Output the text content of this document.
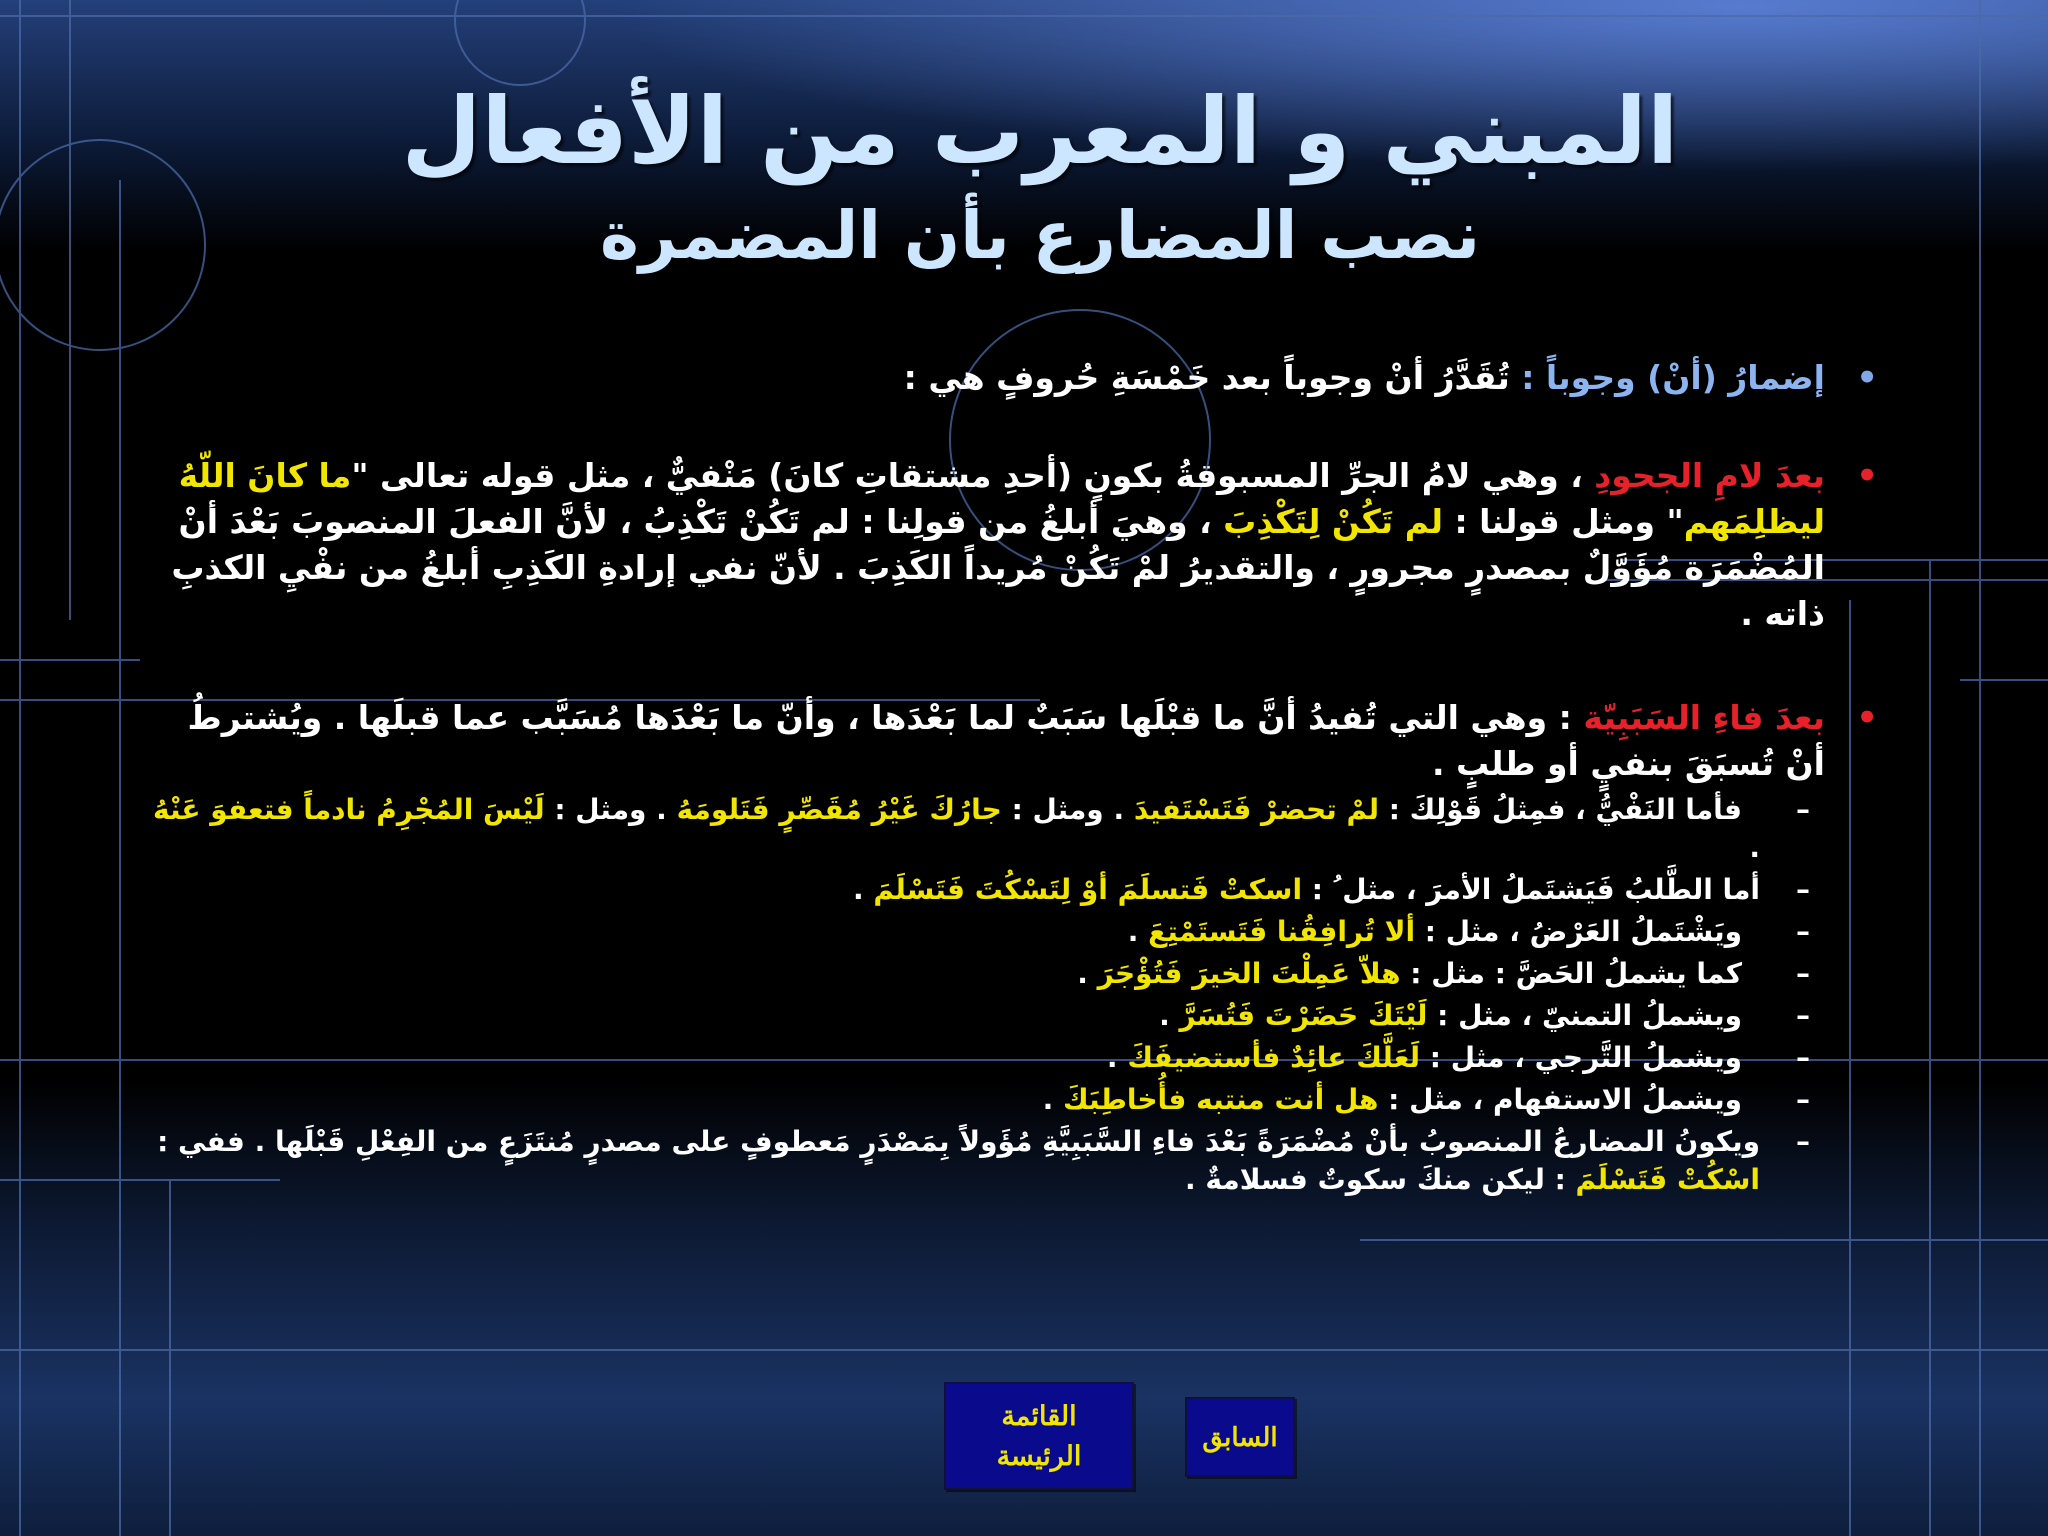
المبني و المعرب من الأفعال
نصب المضارع بأن المضمرة

•
إضمارُ (أنْ) وجوباً : تُقَدَّرُ أنْ وجوباً بعد خَمْسَةِ حُروفٍ هي :

•
بعدَ لامِ الجحودِ ، وهي لامُ الجرِّ المسبوقةُ بكونٍ (أحدِ مشتقاتِ كانَ) مَنْفيٌّ ، مثل قوله تعالى "ما كانَ اللّهُ ليظلِمَهم" ومثل قولنا : لم تَكُنْ لِتَكْذِبَ ، وهيَ أبلغُ من قولِنا : لم تَكُنْ تَكْذِبُ ، لأنَّ الفعلَ المنصوبَ بَعْدَ أنْ المُضْمَرَة مُؤَوَّلٌ بمصدرٍ مجرورٍ ، والتقديرُ لمْ تَكُنْ مُريداً الكَذِبَ . لأنّ نفي إرادةِ الكَذِبِ أبلغُ من نفْيِ الكذبِ ذاته .

•
بعدَ فاءِ السَبَبِيّة : وهي التي تُفيدُ أنَّ ما قبْلَها سَبَبٌ لما بَعْدَها ، وأنّ ما بَعْدَها مُسَبَّب عما قبلَها . ويُشترطُ أنْ تُسبَقَ بنفيٍ أو طلبٍ .

–
فأما النَفْيُّ ، فمِثلُ قَوْلِكَ : لمْ تحضرْ فَتَسْتَفيدَ . ومثل : جارُكَ غَيْرُ مُقَصِّرٍ فَتَلومَهُ . ومثل : لَيْسَ المُجْرِمُ نادماً فتعفوَ عَنْهُ .

–
أما الطَّلبُ فَيَشتَملُ الأمرَ ، مثل ُ : اسكتْ فَتسلَمَ أوْ لِتَسْكُتَ فَتَسْلَمَ .

–
ويَشْتَملُ العَرْضُ ، مثل : ألا تُرافِقُنا فَتَستَمْتِعَ .

–
كما يشملُ الحَضَّ : مثل : هلاّ عَمِلْتَ الخيرَ فَتُؤْجَرَ .

–
ويشملُ التمنيّ ، مثل : لَيْتَكَ حَضَرْتَ فَتُسَرَّ .

–
ويشملُ التَّرجي ، مثل : لَعَلَّكَ عائِدٌ فأستضيفَكَ .

–
ويشملُ الاستفهام ، مثل : هل أنت منتبه فأُخاطِبَكَ .

–
ويكونُ المضارعُ المنصوبُ بأنْ مُضْمَرَةً بَعْدَ فاءِ السَّبَبِيَّةِ مُؤَولاً بِمَصْدَرٍ مَعطوفٍ على مصدرٍ مُنتَزَعٍ من الفِعْلِ قَبْلَها . ففي : اسْكُتْ فَتَسْلَمَ : ليكن منكَ سكوتٌ فسلامةٌ .

القائمة
الرئيسة
السابق
